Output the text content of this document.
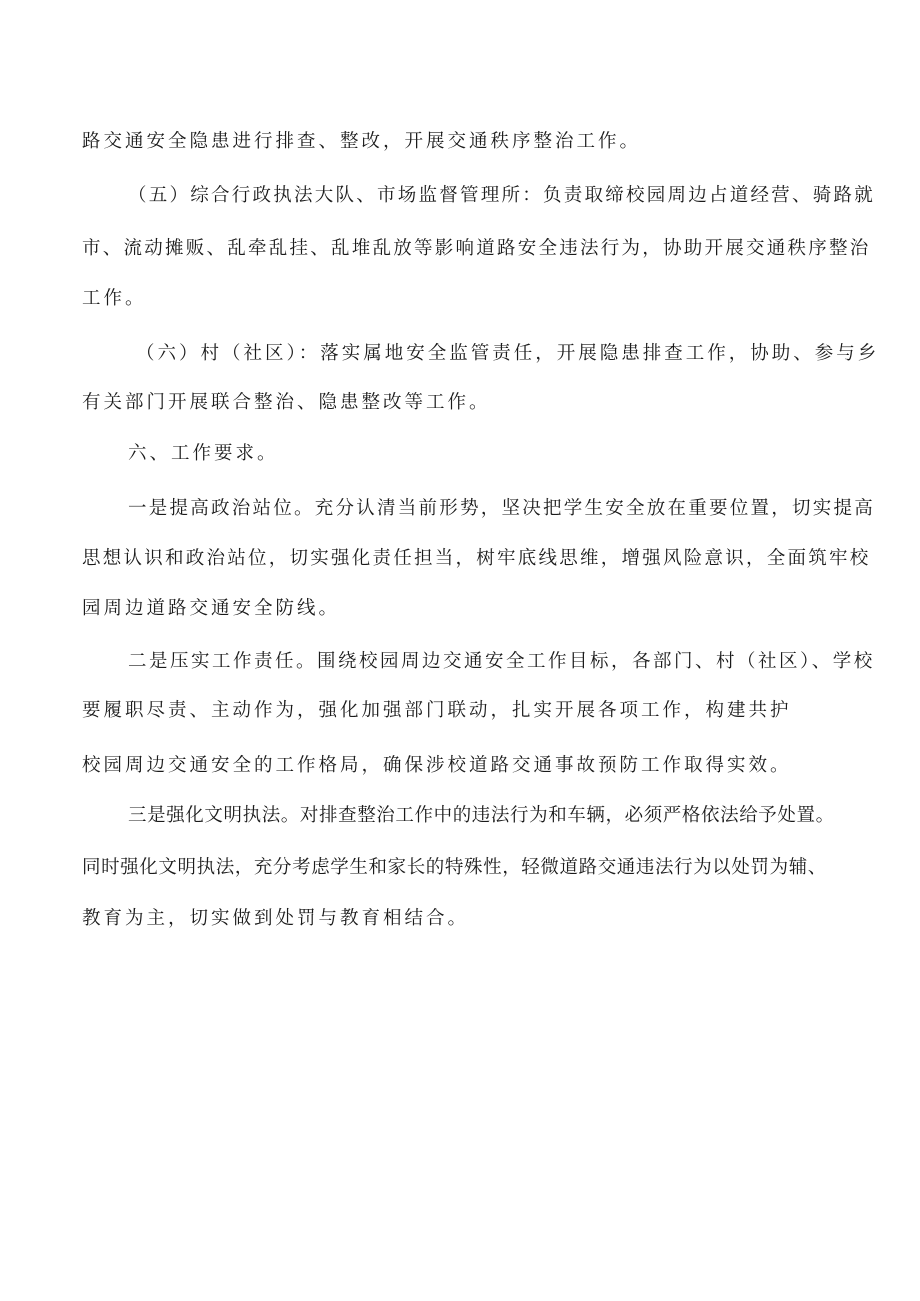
路交通安全隐患进行排查、整改，开展交通秩序整治工作。

（五）综合行政执法大队、市场监督管理所：负责取缔校园周边占道经营、骑路就

市、流动摊贩、乱牵乱挂、乱堆乱放等影响道路安全违法行为，协助开展交通秩序整治

工作。

（六）村（社区）：落实属地安全监管责任，开展隐患排查工作，协助、参与乡

有关部门开展联合整治、隐患整改等工作。

六、工作要求。

一是提高政治站位。充分认清当前形势，坚决把学生安全放在重要位置，切实提高

思想认识和政治站位，切实强化责任担当，树牢底线思维，增强风险意识，全面筑牢校

园周边道路交通安全防线。

二是压实工作责任。围绕校园周边交通安全工作目标，各部门、村（社区）、学校

要履职尽责、主动作为，强化加强部门联动，扎实开展各项工作，构建共护

校园周边交通安全的工作格局，确保涉校道路交通事故预防工作取得实效。

三是强化文明执法。对排查整治工作中的违法行为和车辆，必须严格依法给予处置。

同时强化文明执法，充分考虑学生和家长的特殊性，轻微道路交通违法行为以处罚为辅、

教育为主，切实做到处罚与教育相结合。
